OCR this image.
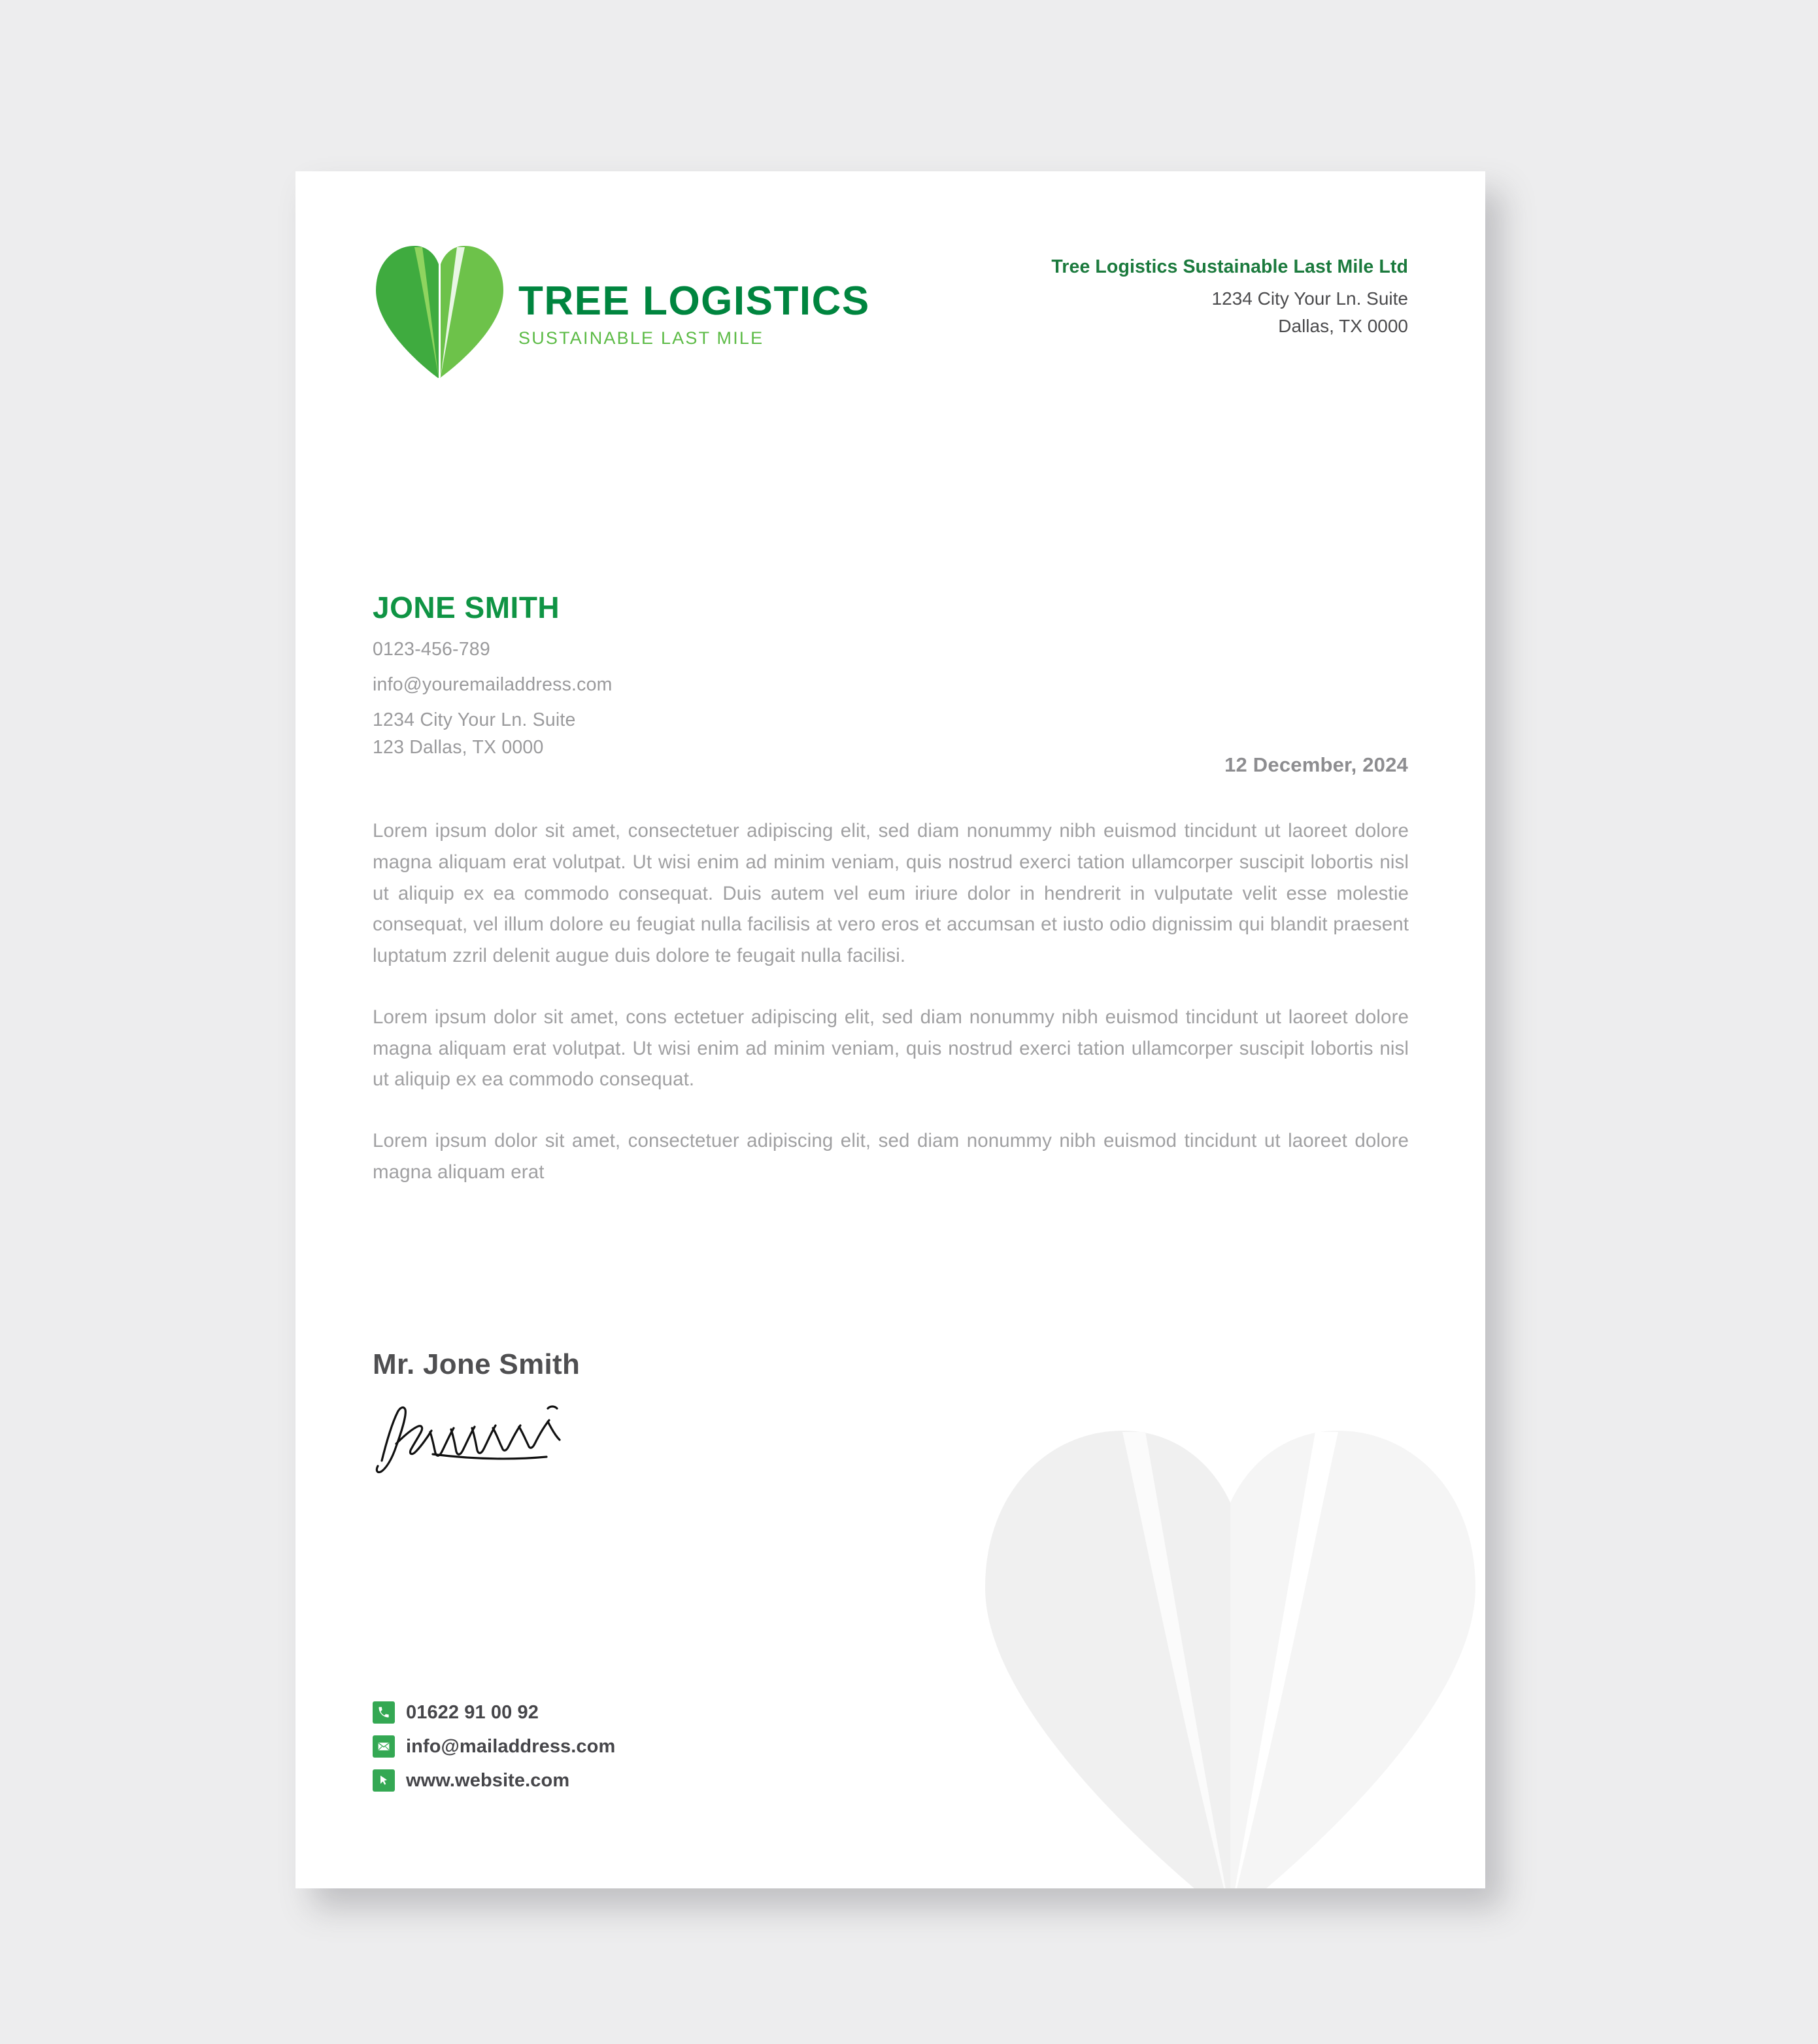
TREE LOGISTICS
SUSTAINABLE LAST MILE
Tree Logistics Sustainable Last Mile Ltd
1234 City Your Ln. Suite
Dallas, TX 0000
JONE SMITH
0123-456-789
info@youremailaddress.com
1234 City Your Ln. Suite
123 Dallas, TX 0000
12 December, 2024

Lorem ipsum dolor sit amet, consectetuer adipiscing elit, sed diam nonummy nibh euismod tincidunt ut laoreet dolore magna aliquam erat volutpat. Ut wisi enim ad minim veniam, quis nostrud exerci tation ullamcorper suscipit lobortis nisl ut aliquip ex ea commodo consequat. Duis autem vel eum iriure dolor in hendrerit in vulputate velit esse molestie consequat, vel illum dolore eu feugiat nulla facilisis at vero eros et accumsan et iusto odio dignissim qui blandit praesent luptatum zzril delenit augue duis dolore te feugait nulla facilisi.

Lorem ipsum dolor sit amet, cons ectetuer adipiscing elit, sed diam nonummy nibh euismod tincidunt ut laoreet dolore magna aliquam erat volutpat. Ut wisi enim ad minim veniam, quis nostrud exerci tation ullamcorper suscipit lobortis nisl ut aliquip ex ea commodo consequat.

Lorem ipsum dolor sit amet, consectetuer adipiscing elit, sed diam nonummy nibh euismod tincidunt ut laoreet dolore magna aliquam erat

Mr. Jone Smith
01622 91 00 92
info@mailaddress.com
www.website.com
